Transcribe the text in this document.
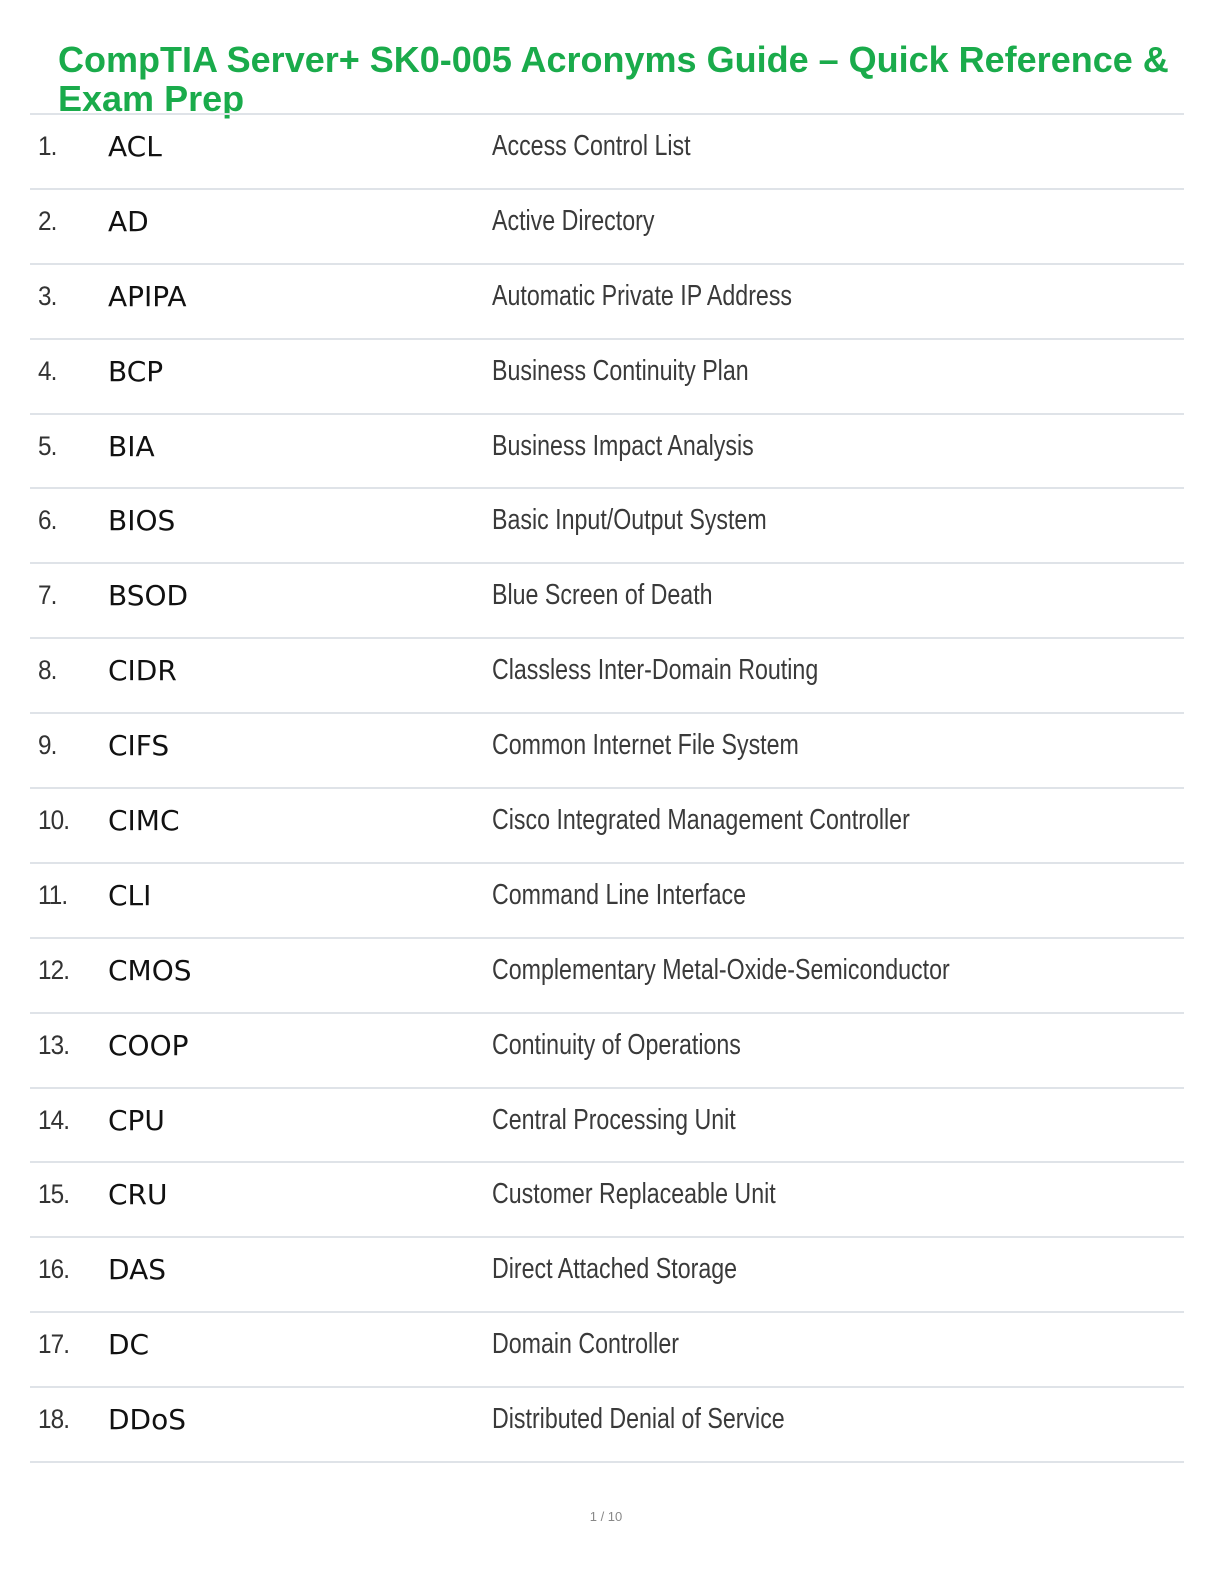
CompTIA Server+ SK0-005 Acronyms Guide – Quick Reference & Exam Prep
1. ACL	Access Control List
2. AD	Active Directory
3. APIPA	Automatic Private IP Address
4. BCP	Business Continuity Plan
5. BIA	Business Impact Analysis
6. BIOS	Basic Input/Output System
7. BSOD	Blue Screen of Death
8. CIDR	Classless Inter-Domain Routing
9. CIFS	Common Internet File System
10. CIMC	Cisco Integrated Management Controller
11. CLI	Command Line Interface
12. CMOS	Complementary Metal-Oxide-Semiconductor
13. COOP	Continuity of Operations
14. CPU	Central Processing Unit
15. CRU	Customer Replaceable Unit
16. DAS	Direct Attached Storage
17. DC	Domain Controller
18. DDoS	Distributed Denial of Service
1 / 10
